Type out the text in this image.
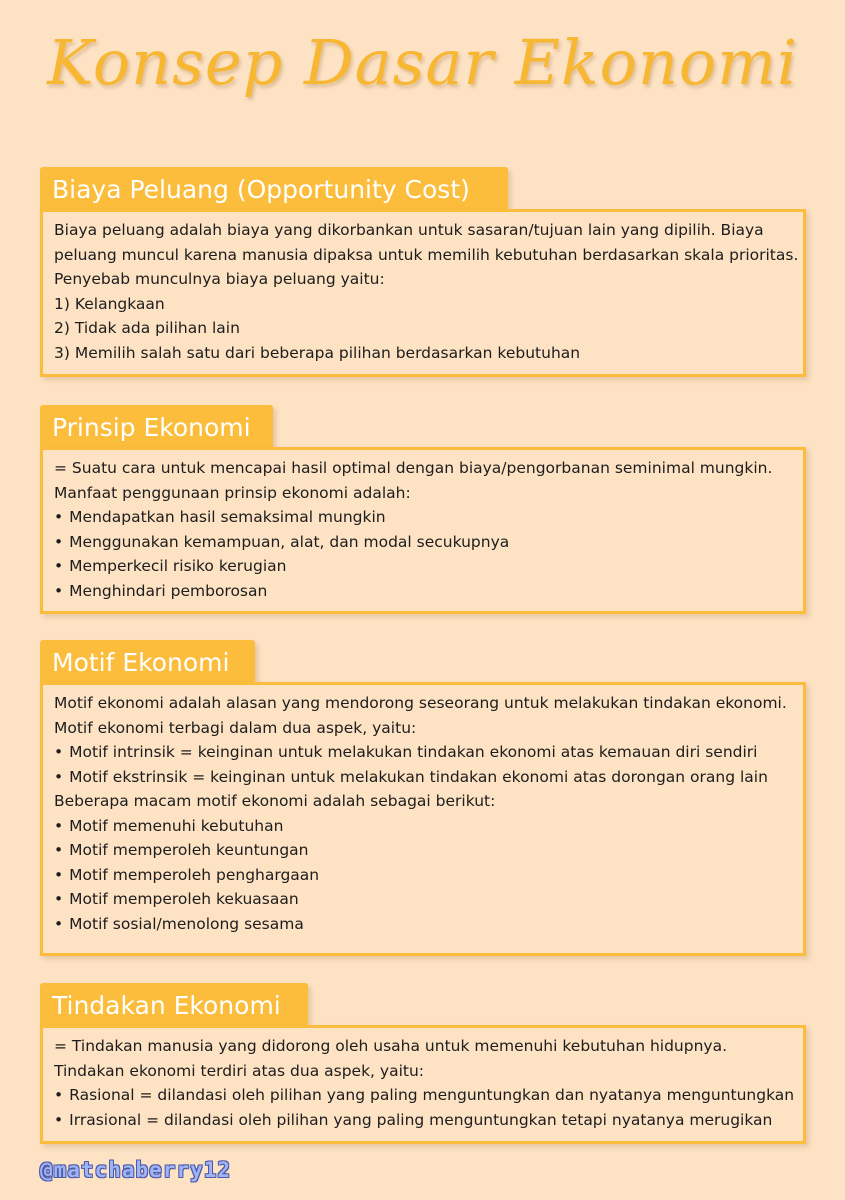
Konsep Dasar Ekonomi
Biaya Peluang (Opportunity Cost)

Biaya peluang adalah biaya yang dikorbankan untuk sasaran/tujuan lain yang dipilih. Biaya

peluang muncul karena manusia dipaksa untuk memilih kebutuhan berdasarkan skala prioritas.

Penyebab munculnya biaya peluang yaitu:

1) Kelangkaan

2) Tidak ada pilihan lain

3) Memilih salah satu dari beberapa pilihan berdasarkan kebutuhan

Prinsip Ekonomi

= Suatu cara untuk mencapai hasil optimal dengan biaya/pengorbanan seminimal mungkin.

Manfaat penggunaan prinsip ekonomi adalah:

• Mendapatkan hasil semaksimal mungkin

• Menggunakan kemampuan, alat, dan modal secukupnya

• Memperkecil risiko kerugian

• Menghindari pemborosan

Motif Ekonomi

Motif ekonomi adalah alasan yang mendorong seseorang untuk melakukan tindakan ekonomi.

Motif ekonomi terbagi dalam dua aspek, yaitu:

• Motif intrinsik = keinginan untuk melakukan tindakan ekonomi atas kemauan diri sendiri

• Motif ekstrinsik = keinginan untuk melakukan tindakan ekonomi atas dorongan orang lain

Beberapa macam motif ekonomi adalah sebagai berikut:

• Motif memenuhi kebutuhan

• Motif memperoleh keuntungan

• Motif memperoleh penghargaan

• Motif memperoleh kekuasaan

• Motif sosial/menolong sesama

Tindakan Ekonomi

= Tindakan manusia yang didorong oleh usaha untuk memenuhi kebutuhan hidupnya.

Tindakan ekonomi terdiri atas dua aspek, yaitu:

• Rasional = dilandasi oleh pilihan yang paling menguntungkan dan nyatanya menguntungkan

• Irrasional = dilandasi oleh pilihan yang paling menguntungkan tetapi nyatanya merugikan

@matchaberry12
